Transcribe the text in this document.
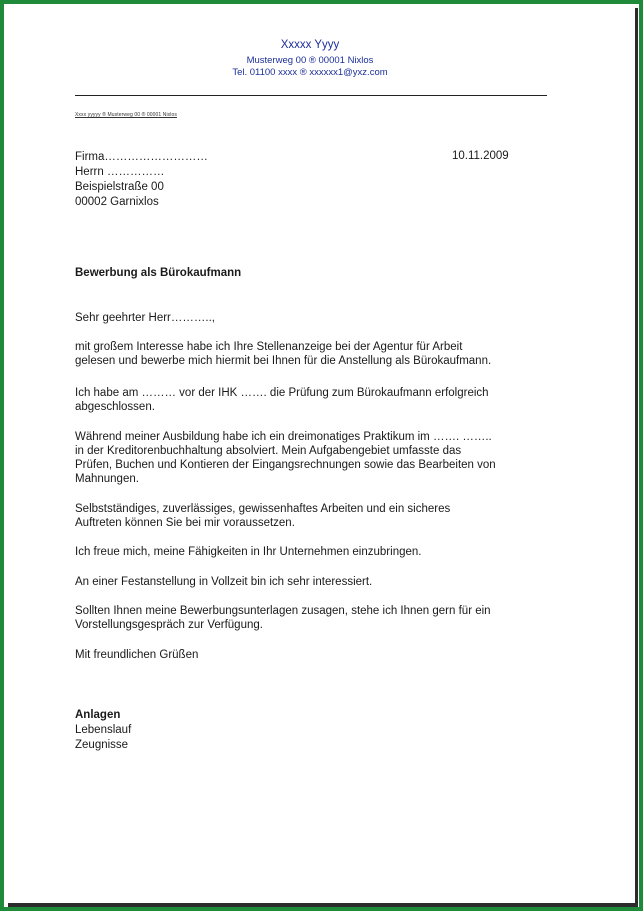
Xxxxx Yyyy
Musterweg 00 ® 00001 Nixlos
Tel. 01100 xxxx ® xxxxxx1@yxz.com
Xxxx yyyyy ® Musterweg 00 ® 00001 Nixlos
Firma………………………
Herrn ……………
Beispielstraße 00
00002 Garnixlos
10.11.2009
Bewerbung als Bürokaufmann
Sehr geehrter Herr………..,
mit großem Interesse habe ich Ihre Stellenanzeige bei der Agentur für Arbeit
gelesen und bewerbe mich hiermit bei Ihnen für die Anstellung als Bürokaufmann.
Ich habe am ……… vor der IHK ……. die Prüfung zum Bürokaufmann erfolgreich
abgeschlossen.
Während meiner Ausbildung habe ich ein dreimonatiges Praktikum im ……. ……..
in der Kreditorenbuchhaltung absolviert. Mein Aufgabengebiet umfasste das
Prüfen, Buchen und Kontieren der Eingangsrechnungen sowie das Bearbeiten von
Mahnungen.
Selbstständiges, zuverlässiges, gewissenhaftes Arbeiten und ein sicheres
Auftreten können Sie bei mir voraussetzen.
Ich freue mich, meine Fähigkeiten in Ihr Unternehmen einzubringen.
An einer Festanstellung in Vollzeit bin ich sehr interessiert.
Sollten Ihnen meine Bewerbungsunterlagen zusagen, stehe ich Ihnen gern für ein
Vorstellungsgespräch zur Verfügung.
Mit freundlichen Grüßen
Anlagen
Lebenslauf
Zeugnisse
